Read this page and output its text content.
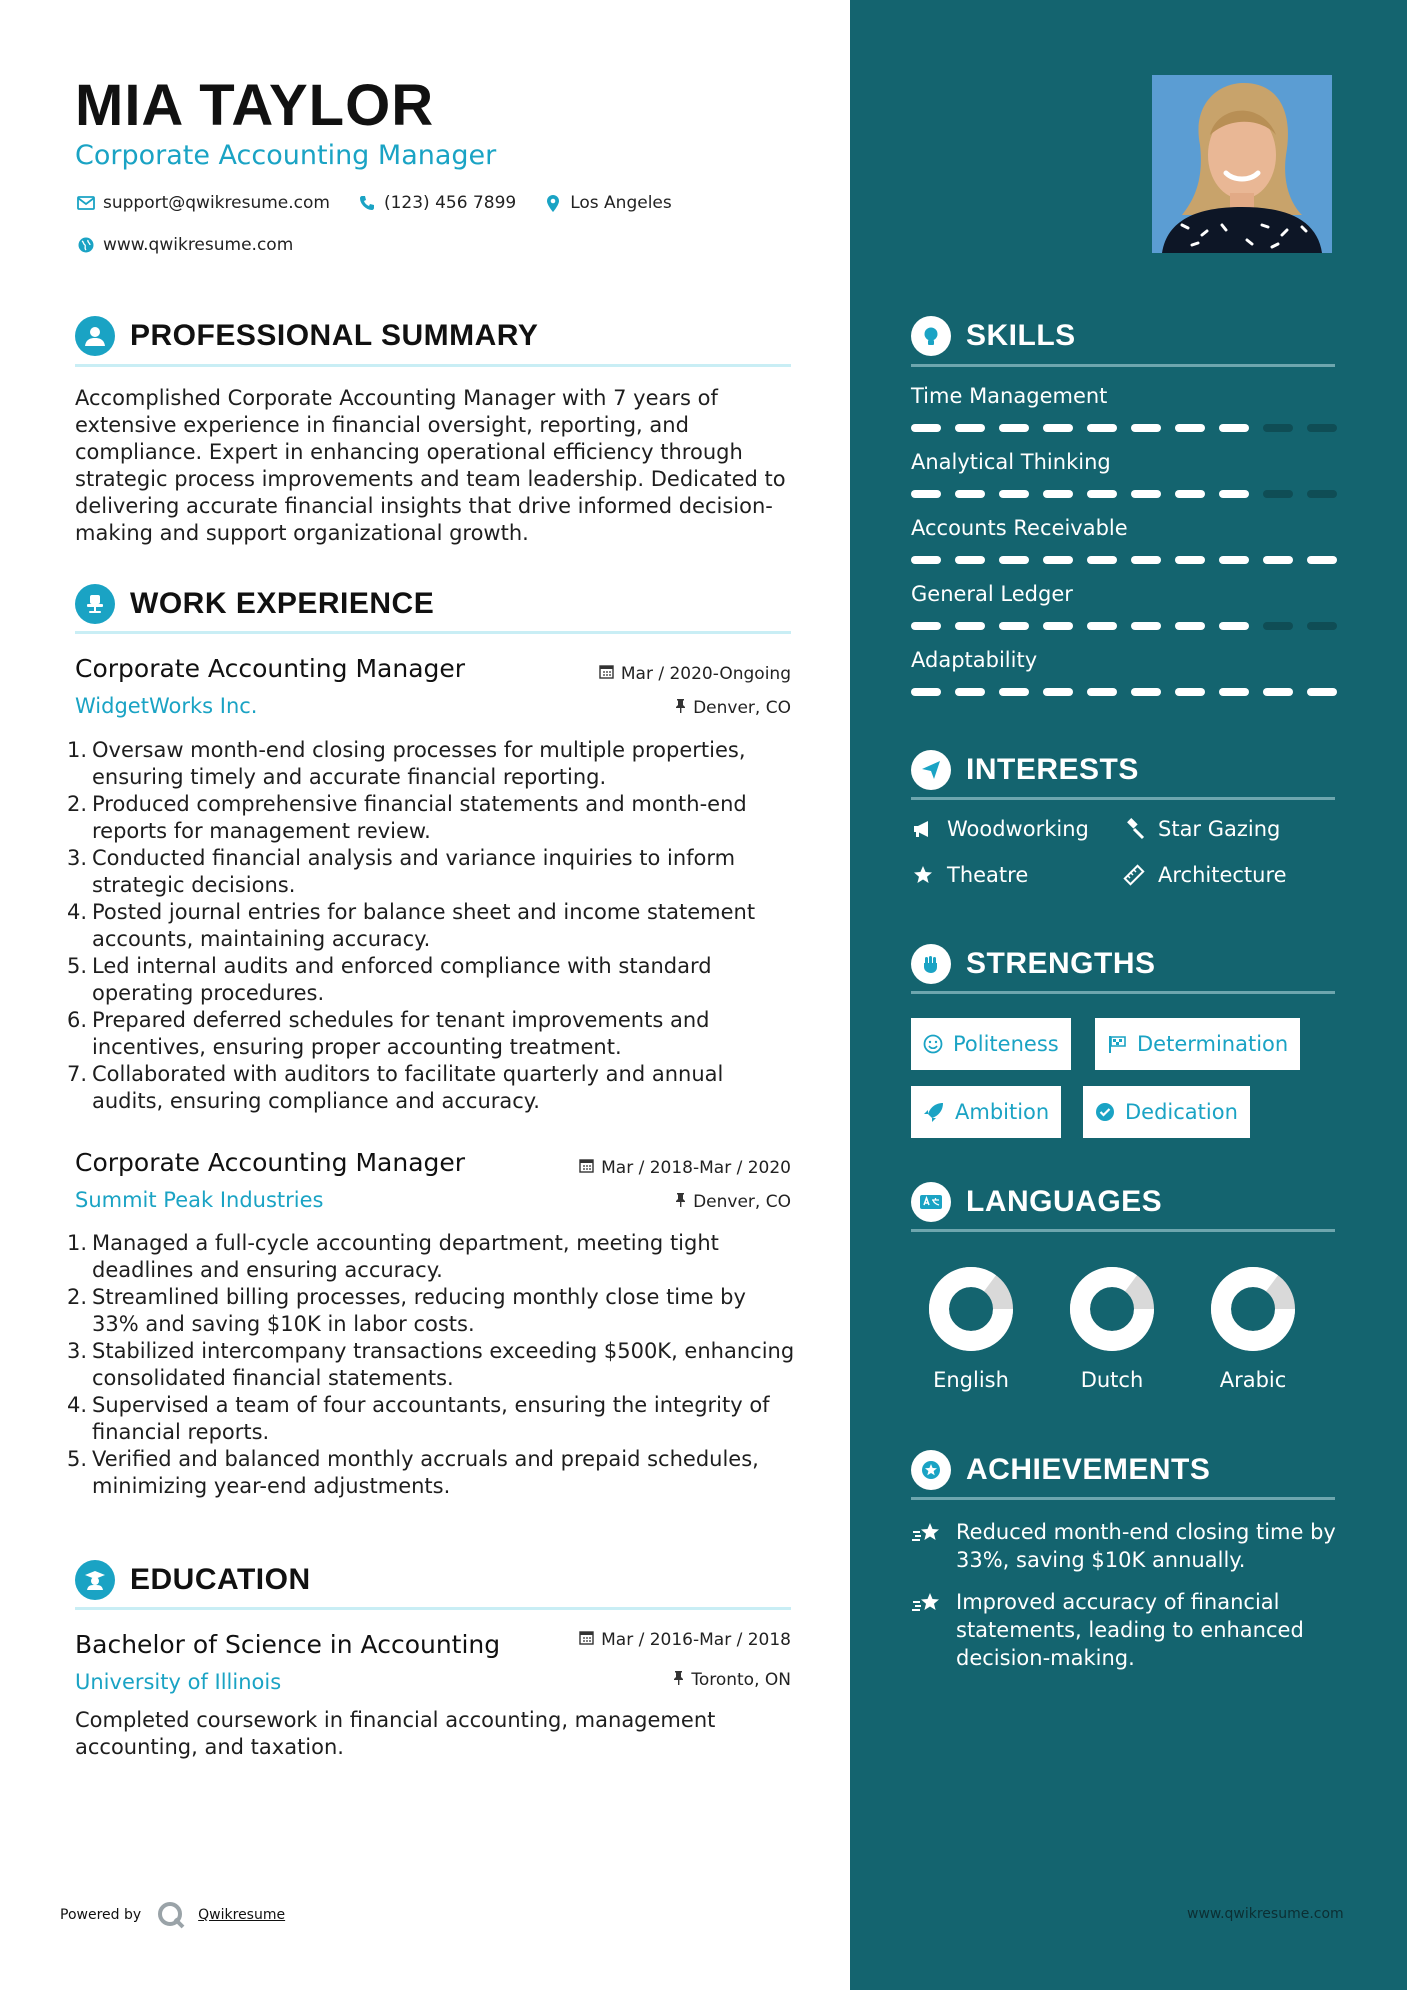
MIA TAYLOR
Corporate Accounting Manager
support@qwikresume.com	(123) 456 7899	Los Angeles
www.qwikresume.com
PROFESSIONAL SUMMARY
Accomplished Corporate Accounting Manager with 7 years of extensive experience in financial oversight, reporting, and compliance. Expert in enhancing operational efficiency through strategic process improvements and team leadership. Dedicated to delivering accurate financial insights that drive informed decision-making and support organizational growth.
WORK EXPERIENCE
Corporate Accounting Manager	Mar / 2020-Ongoing
WidgetWorks Inc.	Denver, CO
1. Oversaw month-end closing processes for multiple properties, ensuring timely and accurate financial reporting.
2. Produced comprehensive financial statements and month-end reports for management review.
3. Conducted financial analysis and variance inquiries to inform strategic decisions.
4. Posted journal entries for balance sheet and income statement accounts, maintaining accuracy.
5. Led internal audits and enforced compliance with standard operating procedures.
6. Prepared deferred schedules for tenant improvements and incentives, ensuring proper accounting treatment.
7. Collaborated with auditors to facilitate quarterly and annual audits, ensuring compliance and accuracy.
Corporate Accounting Manager	Mar / 2018-Mar / 2020
Summit Peak Industries	Denver, CO
1. Managed a full-cycle accounting department, meeting tight deadlines and ensuring accuracy.
2. Streamlined billing processes, reducing monthly close time by 33% and saving $10K in labor costs.
3. Stabilized intercompany transactions exceeding $500K, enhancing consolidated financial statements.
4. Supervised a team of four accountants, ensuring the integrity of financial reports.
5. Verified and balanced monthly accruals and prepaid schedules, minimizing year-end adjustments.
EDUCATION
Bachelor of Science in Accounting	Mar / 2016-Mar / 2018
University of Illinois	Toronto, ON
Completed coursework in financial accounting, management accounting, and taxation.
Powered by	Qwikresume
SKILLS
Time Management
Analytical Thinking
Accounts Receivable
General Ledger
Adaptability
INTERESTS
Woodworking	Star Gazing
Theatre	Architecture
STRENGTHS
Politeness	Determination
Ambition	Dedication
LANGUAGES
English	Dutch	Arabic
ACHIEVEMENTS
Reduced month-end closing time by 33%, saving $10K annually.
Improved accuracy of financial statements, leading to enhanced decision-making.
www.qwikresume.com
